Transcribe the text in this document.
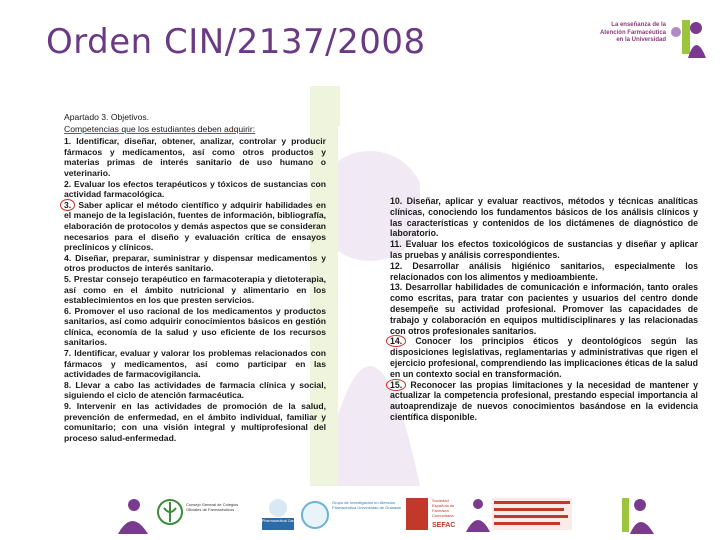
Orden CIN/2137/2008	La enseñanza de la
Atención Farmacéutica
en la Universidad

Apartado 3. Objetivos.

Competencias que los estudiantes deben adquirir:

1. Identificar, diseñar, obtener, analizar, controlar y producir fármacos y medicamentos, así como otros productos y materias primas de interés sanitario de uso humano o veterinario.

2. Evaluar los efectos terapéuticos y tóxicos de sustancias con actividad farmacológica.

3. Saber aplicar el método científico y adquirir habilidades en el manejo de la legislación, fuentes de información, bibliografía, elaboración de protocolos y demás aspectos que se consideran necesarios para el diseño y evaluación crítica de ensayos preclínicos y clínicos.

4. Diseñar, preparar, suministrar y dispensar medicamentos y otros productos de interés sanitario.

5. Prestar consejo terapéutico en farmacoterapia y dietoterapia, así como en el ámbito nutricional y alimentario en los establecimientos en los que presten servicios.

6. Promover el uso racional de los medicamentos y productos sanitarios, así como adquirir conocimientos básicos en gestión clínica, economía de la salud y uso eficiente de los recursos sanitarios.

7. Identificar, evaluar y valorar los problemas relacionados con fármacos y medicamentos, así como participar en las actividades de farmacovigilancia.

8. Llevar a cabo las actividades de farmacia clínica y social, siguiendo el ciclo de atención farmacéutica.

9. Intervenir en las actividades de promoción de la salud, prevención de enfermedad, en el ámbito individual, familiar y comunitario; con una visión integral y multiprofesional del proceso salud-enfermedad.

10. Diseñar, aplicar y evaluar reactivos, métodos y técnicas analíticas clínicas, conociendo los fundamentos básicos de los análisis clínicos y las características y contenidos de los dictámenes de diagnóstico de laboratorio.

11. Evaluar los efectos toxicológicos de sustancias y diseñar y aplicar las pruebas y análisis correspondientes.

12. Desarrollar análisis higiénico sanitarios, especialmente los relacionados con los alimentos y medioambiente.

13. Desarrollar habilidades de comunicación e información, tanto orales como escritas, para tratar con pacientes y usuarios del centro donde desempeñe su actividad profesional. Promover las capacidades de trabajo y colaboración en equipos multidisciplinares y las relacionadas con otros profesionales sanitarios.

14. Conocer los principios éticos y deontológicos según las disposiciones legislativas, reglamentarias y administrativas que rigen el ejercicio profesional, comprendiendo las implicaciones éticas de la salud en un contexto social en transformación.

15. Reconocer las propias limitaciones y la necesidad de mantener y actualizar la competencia profesional, prestando especial importancia al autoaprendizaje de nuevos conocimientos basándose en la evidencia científica disponible.

Consejo General de Colegios Oficiales de Farmacéuticos
Pharmaceutical Care
Grupo de Investigación en Atención Farmacéutica Universidad de Granada
Sociedad Española de Farmacia Comunitaria
SEFAC
